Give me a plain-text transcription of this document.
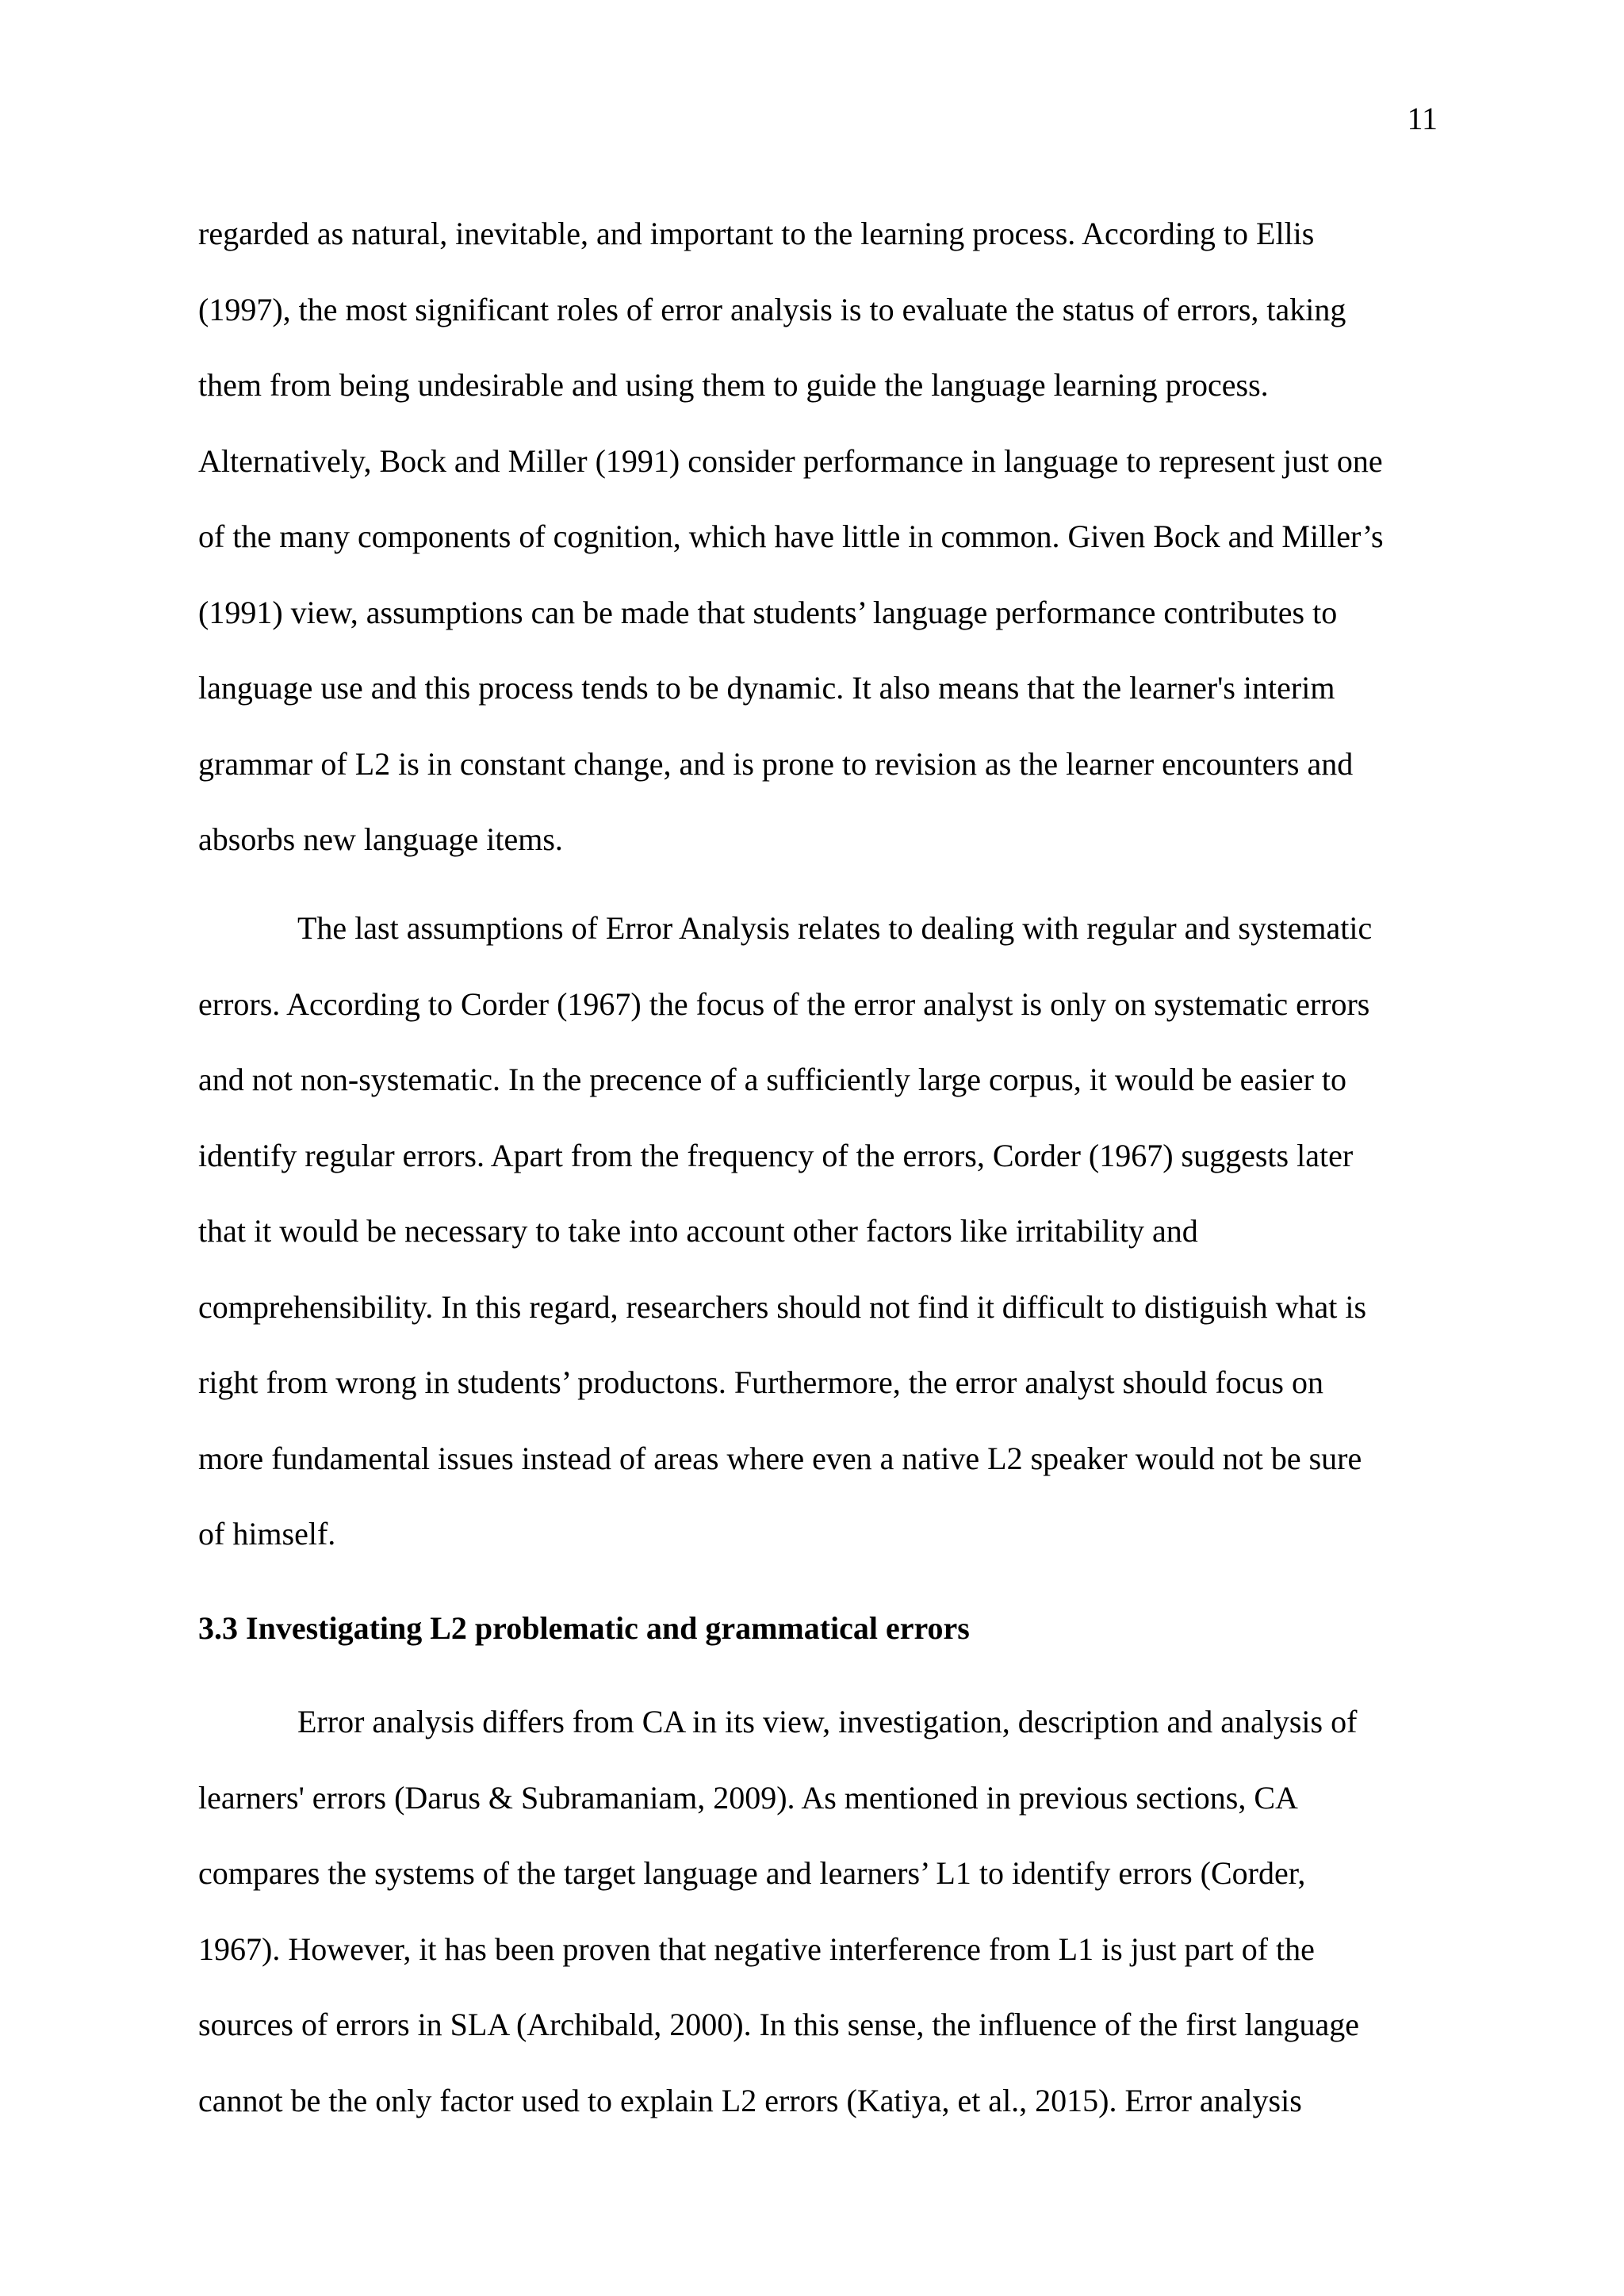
11
regarded as natural, inevitable, and important to the learning process. According to Ellis
(1997), the most significant roles of error analysis is to evaluate the status of errors, taking
them from being undesirable and using them to guide the language learning process.
Alternatively, Bock and Miller (1991) consider performance in language to represent just one
of the many components of cognition, which have little in common. Given Bock and Miller’s
(1991) view, assumptions can be made that students’ language performance contributes to
language use and this process tends to be dynamic. It also means that the learner's interim
grammar of L2 is in constant change, and is prone to revision as the learner encounters and
absorbs new language items.
The last assumptions of Error Analysis relates to dealing with regular and systematic
errors. According to Corder (1967) the focus of the error analyst is only on systematic errors
and not non-systematic. In the precence of a sufficiently large corpus, it would be easier to
identify regular errors. Apart from the frequency of the errors, Corder (1967) suggests later
that it would be necessary to take into account other factors like irritability and
comprehensibility. In this regard, researchers should not find it difficult to distiguish what is
right from wrong in students’ productons. Furthermore, the error analyst should focus on
more fundamental issues instead of areas where even a native L2 speaker would not be sure
of himself.
3.3 Investigating L2 problematic and grammatical errors
Error analysis differs from CA in its view, investigation, description and analysis of
learners' errors (Darus & Subramaniam, 2009). As mentioned in previous sections, CA
compares the systems of the target language and learners’ L1 to identify errors (Corder,
1967). However, it has been proven that negative interference from L1 is just part of the
sources of errors in SLA (Archibald, 2000). In this sense, the influence of the first language
cannot be the only factor used to explain L2 errors (Katiya, et al., 2015). Error analysis
